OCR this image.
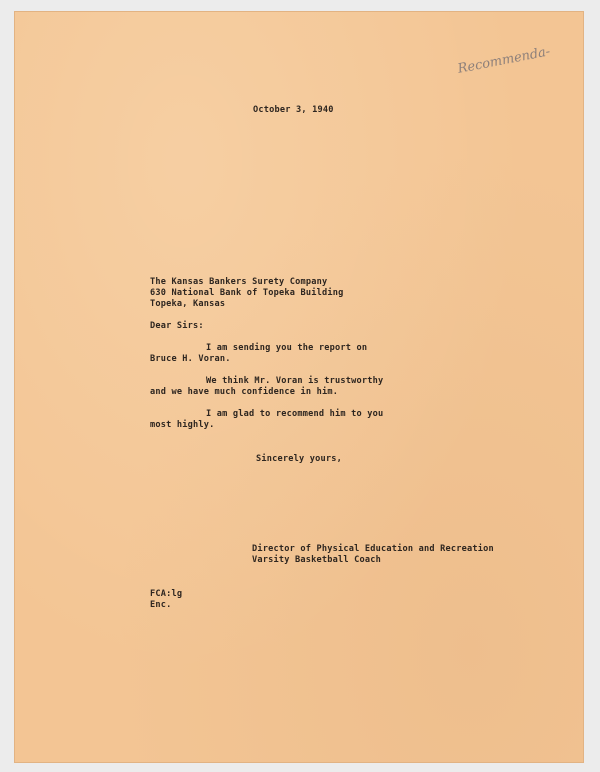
Recommenda-
October 3, 1940
The Kansas Bankers Surety Company
630 National Bank of Topeka Building
Topeka, Kansas
Dear Sirs:
I am sending you the report on
Bruce H. Voran.
We think Mr. Voran is trustworthy
and we have much confidence in him.
I am glad to recommend him to you
most highly.
Sincerely yours,
Director of Physical Education and Recreation
Varsity Basketball Coach
FCA:lg
Enc.
